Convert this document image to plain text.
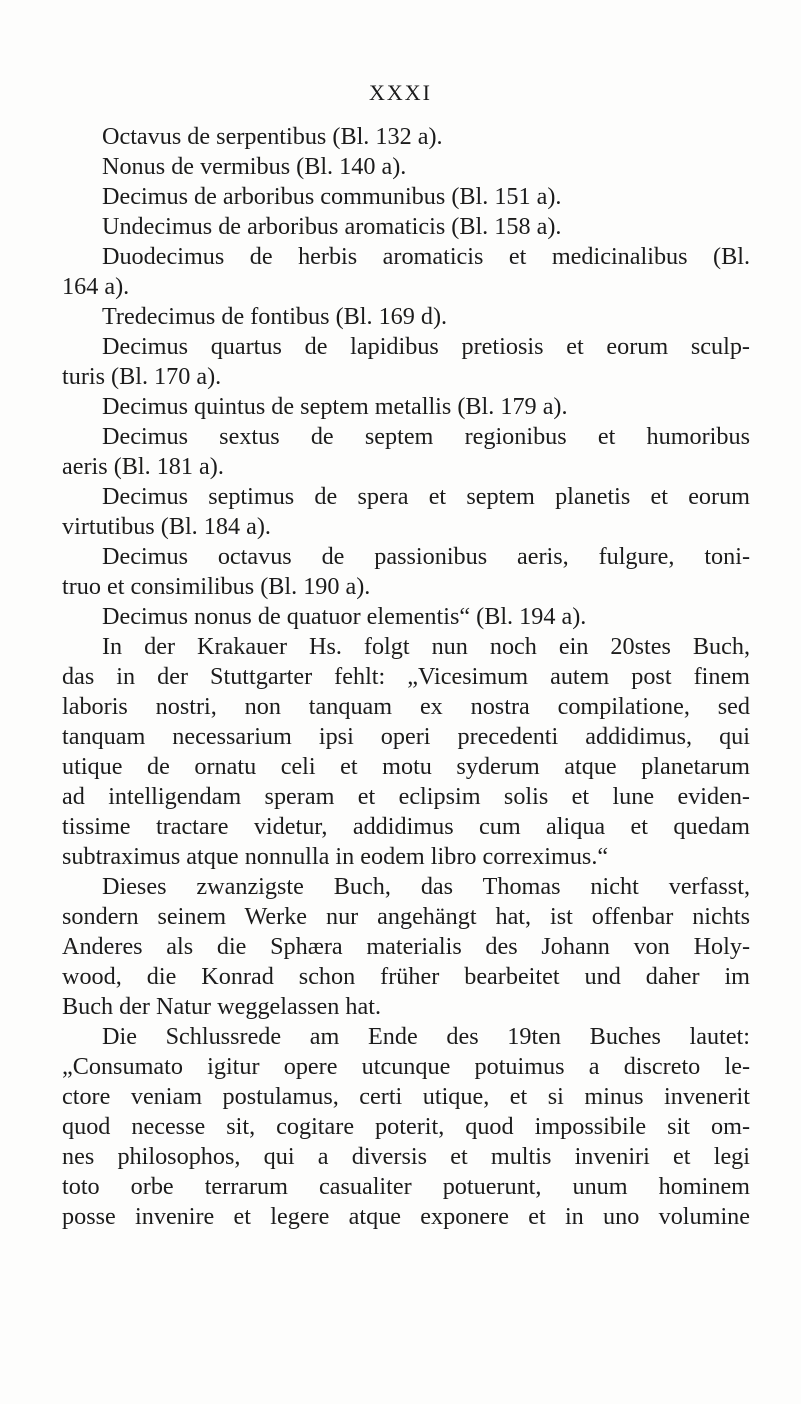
XXXI
Octavus de serpentibus (Bl. 132 a).
Nonus de vermibus (Bl. 140 a).
Decimus de arboribus communibus (Bl. 151 a).
Undecimus de arboribus aromaticis (Bl. 158 a).
Duodecimus de herbis aromaticis et medicinalibus (Bl.
164 a).
Tredecimus de fontibus (Bl. 169 d).
Decimus quartus de lapidibus pretiosis et eorum sculp-
turis (Bl. 170 a).
Decimus quintus de septem metallis (Bl. 179 a).
Decimus sextus de septem regionibus et humoribus
aeris (Bl. 181 a).
Decimus septimus de spera et septem planetis et eorum
virtutibus (Bl. 184 a).
Decimus octavus de passionibus aeris, fulgure, toni-
truo et consimilibus (Bl. 190 a).
Decimus nonus de quatuor elementis“ (Bl. 194 a).
In der Krakauer Hs. folgt nun noch ein 20stes Buch,
das in der Stuttgarter fehlt: „Vicesimum autem post finem
laboris nostri, non tanquam ex nostra compilatione, sed
tanquam necessarium ipsi operi precedenti addidimus, qui
utique de ornatu celi et motu syderum atque planetarum
ad intelligendam speram et eclipsim solis et lune eviden-
tissime tractare videtur, addidimus cum aliqua et quedam
subtraximus atque nonnulla in eodem libro correximus.“
Dieses zwanzigste Buch, das Thomas nicht verfasst,
sondern seinem Werke nur angehängt hat, ist offenbar nichts
Anderes als die Sphæra materialis des Johann von Holy-
wood, die Konrad schon früher bearbeitet und daher im
Buch der Natur weggelassen hat.
Die Schlussrede am Ende des 19ten Buches lautet:
„Consumato igitur opere utcunque potuimus a discreto le-
ctore veniam postulamus, certi utique, et si minus invenerit
quod necesse sit, cogitare poterit, quod impossibile sit om-
nes philosophos, qui a diversis et multis inveniri et legi
toto orbe terrarum casualiter potuerunt, unum hominem
posse invenire et legere atque exponere et in uno volumine
